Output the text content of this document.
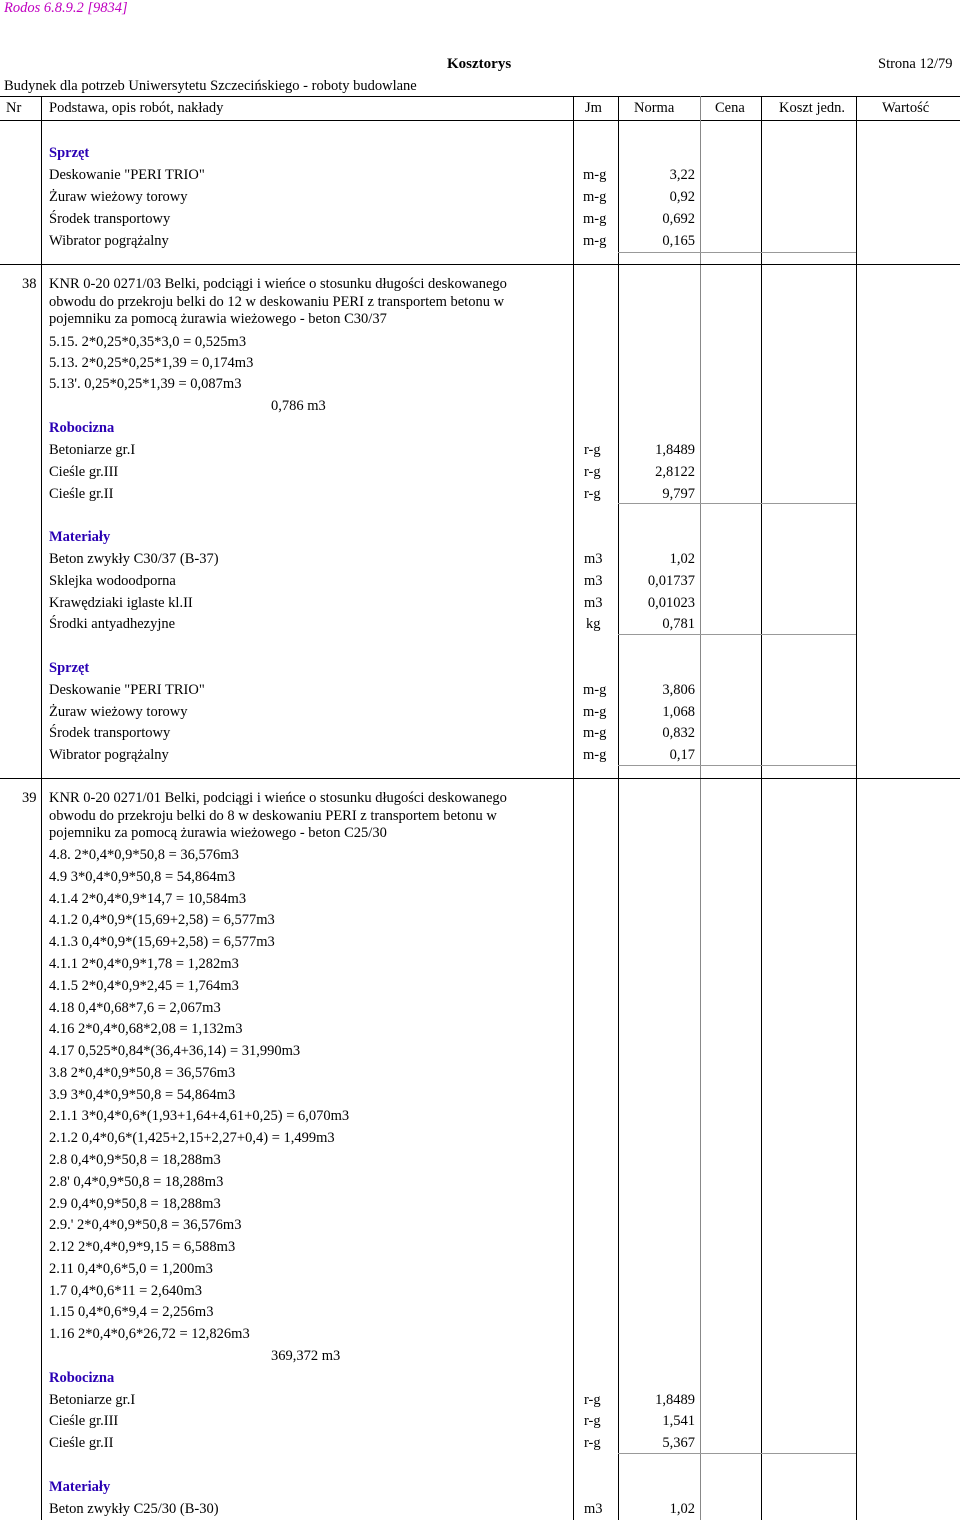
Rodos 6.8.9.2 [9834]
Kosztorys	Strona 12/79
Budynek dla potrzeb Uniwersytetu Szczecińskiego - roboty budowlane
Nr Podstawa, opis robót, nakłady	Jm Norma	Cena Koszt jedn.	Wartość
Sprzęt
Deskowanie "PERI TRIO"	m-g	3,22
Żuraw wieżowy torowy	m-g	0,92
Środek transportowy	m-g	0,692
Wibrator pogrążalny	m-g	0,165
38 KNR 0-20 0271/03 Belki, podciągi i wieńce o stosunku długości deskowanego
obwodu do przekroju belki do 12 w deskowaniu PERI z transportem betonu w
pojemniku za pomocą żurawia wieżowego - beton C30/37
5.15. 2*0,25*0,35*3,0 = 0,525m3
5.13. 2*0,25*0,25*1,39 = 0,174m3
5.13'. 0,25*0,25*1,39 = 0,087m3
0,786 m3
Robocizna
Betoniarze gr.I	r-g	1,8489
Cieśle gr.III	r-g	2,8122
Cieśle gr.II	r-g	9,797
Materiały
Beton zwykły C30/37 (B-37)	m3	1,02
Sklejka wodoodporna	m3	0,01737
Krawędziaki iglaste kl.II	m3	0,01023
Środki antyadhezyjne	kg	0,781
Sprzęt
Deskowanie "PERI TRIO"	m-g	3,806
Żuraw wieżowy torowy	m-g	1,068
Środek transportowy	m-g	0,832
Wibrator pogrążalny	m-g	0,17
39 KNR 0-20 0271/01 Belki, podciągi i wieńce o stosunku długości deskowanego
obwodu do przekroju belki do 8 w deskowaniu PERI z transportem betonu w
pojemniku za pomocą żurawia wieżowego - beton C25/30
4.8. 2*0,4*0,9*50,8 = 36,576m3
4.9 3*0,4*0,9*50,8 = 54,864m3
4.1.4 2*0,4*0,9*14,7 = 10,584m3
4.1.2 0,4*0,9*(15,69+2,58) = 6,577m3
4.1.3 0,4*0,9*(15,69+2,58) = 6,577m3
4.1.1 2*0,4*0,9*1,78 = 1,282m3
4.1.5 2*0,4*0,9*2,45 = 1,764m3
4.18 0,4*0,68*7,6 = 2,067m3
4.16 2*0,4*0,68*2,08 = 1,132m3
4.17 0,525*0,84*(36,4+36,14) = 31,990m3
3.8 2*0,4*0,9*50,8 = 36,576m3
3.9 3*0,4*0,9*50,8 = 54,864m3
2.1.1 3*0,4*0,6*(1,93+1,64+4,61+0,25) = 6,070m3
2.1.2 0,4*0,6*(1,425+2,15+2,27+0,4) = 1,499m3
2.8 0,4*0,9*50,8 = 18,288m3
2.8' 0,4*0,9*50,8 = 18,288m3
2.9 0,4*0,9*50,8 = 18,288m3
2.9.' 2*0,4*0,9*50,8 = 36,576m3
2.12 2*0,4*0,9*9,15 = 6,588m3
2.11 0,4*0,6*5,0 = 1,200m3
1.7 0,4*0,6*11 = 2,640m3
1.15 0,4*0,6*9,4 = 2,256m3
1.16 2*0,4*0,6*26,72 = 12,826m3
369,372 m3
Robocizna
Betoniarze gr.I	r-g	1,8489
Cieśle gr.III	r-g	1,541
Cieśle gr.II	r-g	5,367
Materiały
Beton zwykły C25/30 (B-30)	m3	1,02
